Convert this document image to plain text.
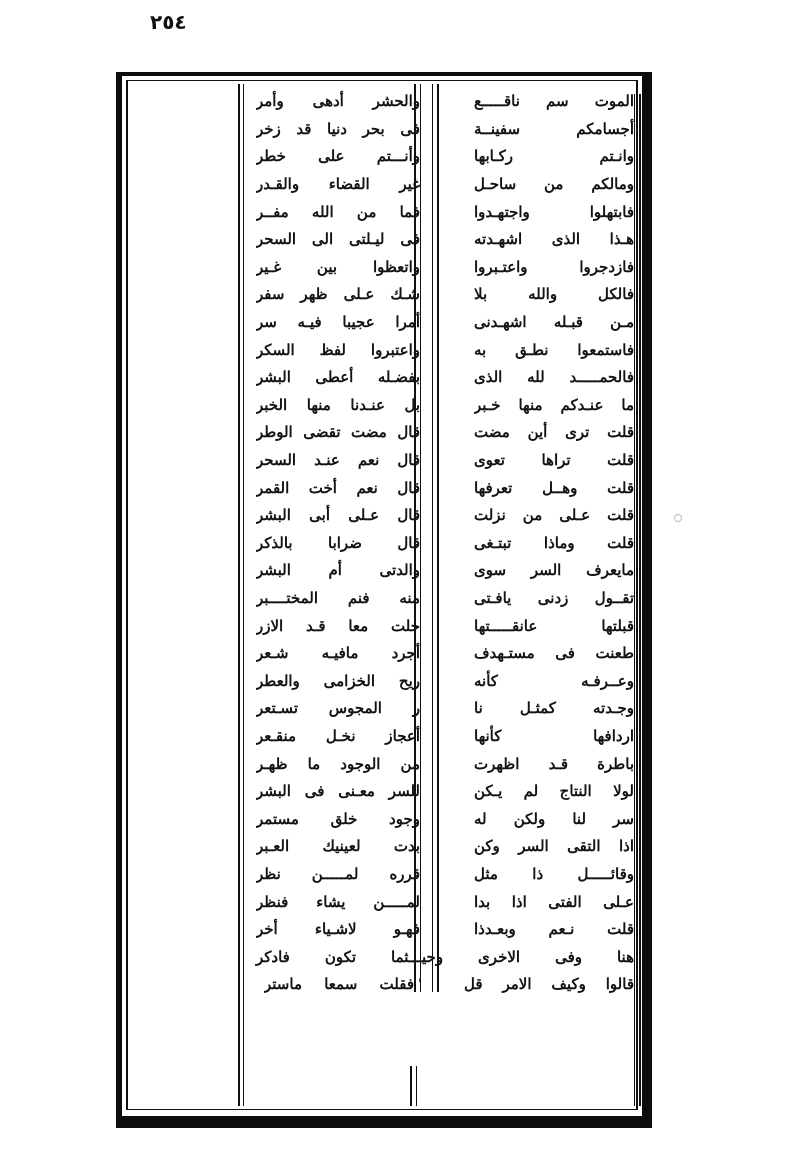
٢٥٤
الموت سم ناقـــــع
والحشر أدهى وأمر
أجسامكم سفينــة
فى بحر دنيا قد زخر
وانـتم ركـابها
وأنـــتم على خطر
ومالكم من ساحـل
غير القضاء والقـدر
فابتهلوا واجتهـدوا
فما من الله مفــر
هـذا الذى اشهـدته
فى ليـلتى الى السحر
فازدجروا واعتـبروا
واتعظوا بين غـير
فالكل والله بلا
شـك عـلى ظهر سفر
مـن قبـله اشهـدنى
أمرا عجيبا فيـه سر
فاستمعوا نطـق به
واعتبروا لفظ السكر
فالحمـــــد لله الذى
بفضـله أعطى البشر
ما عنـدكم منها خـبر
بل عنـدنا منها الخبر
قلت ترى أين مضت
قال مضت تقضى الوطر
قلت تراها تعوى
قال نعم عنـد السحر
قلت وهــل تعرفها
قال نعم أخت القمر
قلت عـلى من نزلت
قال عـلى أبى البشر
قلت وماذا تبتـغى
قال ضرابا بالذكر
مايعرف السر سوى
والدتى أم البشر
تقــول زدنى يافـتى
منه فنم المختــــبر
قبلتها عانقـــــتها
حلت معا قـد الازر
طعنت فى مستـهدف
أجرد مافيـه شـعر
وعــرفـه كأنه
ريح الخزامى والعطر
وجـدته كمثـل نا
ر المجوس تسـتعر
اردافها كأنها
أعجاز نخـل منقـعر
باطرة قـد اظهرت
من الوجود ما ظهـر
لولا النتاج لم يـكن
للسر معـنى فى البشر
سر لنا ولكن له
وجود خلق مستمر
اذا التقى السر وكن
بدت لعينيك العـبر
وقائـــــل ذا مثل
قرره لمـــــن نظر
عـلى الفتى اذا بدا
لمـــــن يشاء فنظر
قلت نـعم وبعـدذا
فهـو لاشـياء أخر
هنا وفى الاخرى وحيـــثما تكون فادكر
قالوا وكيف الامر قل
'
فقلت سمعا ماستر
